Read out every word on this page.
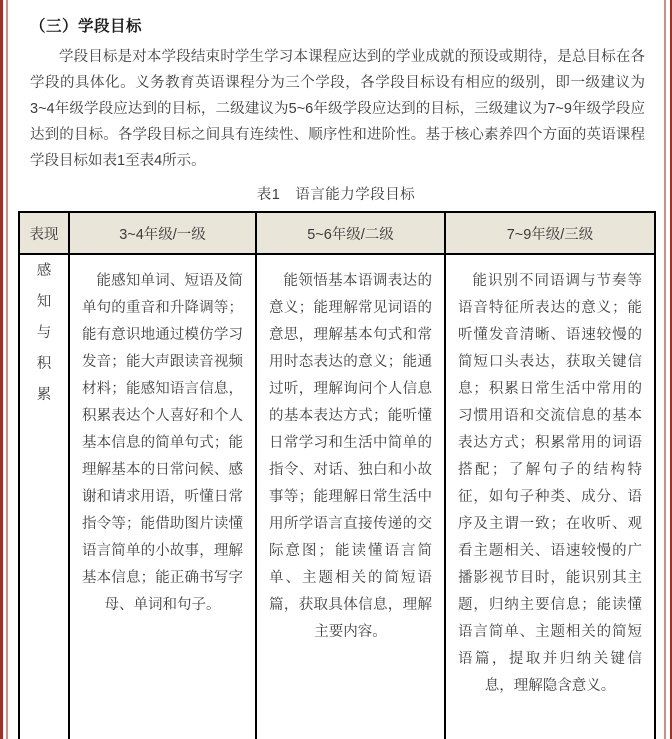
（三）学段目标

学段目标是对本学段结束时学生学习本课程应达到的学业成就的预设或期待，是总目标在各学段的具体化。义务教育英语课程分为三个学段，各学段目标设有相应的级别，即一级建议为3~4年级学段应达到的目标，二级建议为5~6年级学段应达到的目标，三级建议为7~9年级学段应达到的目标。各学段目标之间具有连续性、顺序性和进阶性。基于核心素养四个方面的英语课程学段目标如表1至表4所示。

表1　语言能力学段目标
表现	3~4年级/一级	5~6年级/二级	7~9年级/三级

感知与积累	能感知单词、短语及简单句的重音和升降调等；能有意识地通过模仿学习发音；能大声跟读音视频材料；能感知语言信息，积累表达个人喜好和个人基本信息的简单句式；能理解基本的日常问候、感谢和请求用语，听懂日常指令等；能借助图片读懂语言简单的小故事，理解基本信息；能正确书写字母、单词和句子。	能领悟基本语调表达的意义；能理解常见词语的意思，理解基本句式和常用时态表达的意义；能通过听，理解询问个人信息的基本表达方式；能听懂日常学习和生活中简单的指令、对话、独白和小故事等；能理解日常生活中用所学语言直接传递的交际意图；能读懂语言简单、主题相关的简短语篇，获取具体信息，理解主要内容。	能识别不同语调与节奏等语音特征所表达的意义；能听懂发音清晰、语速较慢的简短口头表达，获取关键信息；积累日常生活中常用的习惯用语和交流信息的基本表达方式；积累常用的词语搭配；了解句子的结构特征，如句子种类、成分、语序及主谓一致；在收听、观看主题相关、语速较慢的广播影视节目时，能识别其主题，归纳主要信息；能读懂语言简单、主题相关的简短语篇，提取并归纳关键信息，理解隐含意义。
